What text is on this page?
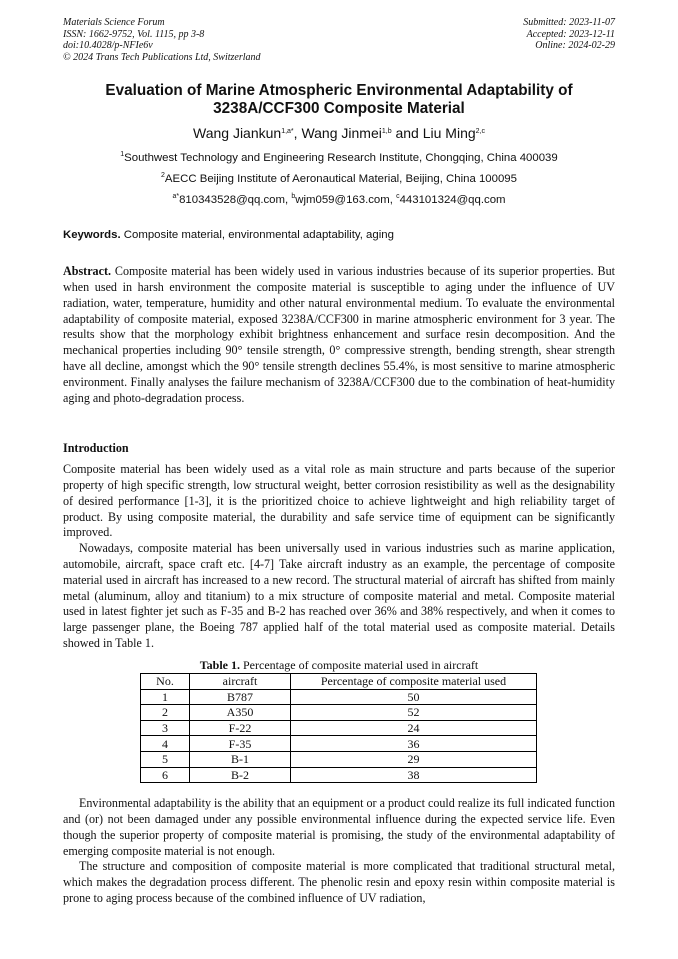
Materials Science Forum
ISSN: 1662-9752, Vol. 1115, pp 3-8
doi:10.4028/p-NFIe6v
© 2024 Trans Tech Publications Ltd, Switzerland
Submitted: 2023-11-07
Accepted: 2023-12-11
Online: 2024-02-29
Evaluation of Marine Atmospheric Environmental Adaptability of
3238A/CCF300 Composite Material
Wang Jiankun$^{1,a*}$, Wang Jinmei$^{1,b}$ and Liu Ming$^{2,c}$
$^1$Southwest Technology and Engineering Research Institute, Chongqing, China 400039
$^2$AECC Beijing Institute of Aeronautical Material, Beijing, China 100095
$^{a*}$810343528@qq.com, $^b$wjm059@163.com, $^c$443101324@qq.com
Keywords. Composite material, environmental adaptability, aging
Abstract. Composite material has been widely used in various industries because of its superior properties. But when used in harsh environment the composite material is susceptible to aging under the influence of UV radiation, water, temperature, humidity and other natural environmental medium. To evaluate the environmental adaptability of composite material, exposed 3238A/CCF300 in marine atmospheric environment for 3 year. The results show that the morphology exhibit brightness enhancement and surface resin decomposition. And the mechanical properties including 90° tensile strength, 0° compressive strength, bending strength, shear strength have all decline, amongst which the 90° tensile strength declines 55.4%, is most sensitive to marine atmospheric environment. Finally analyses the failure mechanism of 3238A/CCF300 due to the combination of heat-humidity aging and photo-degradation process.
Introduction
Composite material has been widely used as a vital role as main structure and parts because of the superior property of high specific strength, low structural weight, better corrosion resistibility as well as the designability of desired performance [1-3], it is the prioritized choice to achieve lightweight and high reliability target of product. By using composite material, the durability and safe service time of equipment can be significantly improved.
Nowadays, composite material has been universally used in various industries such as marine application, automobile, aircraft, space craft etc. [4-7] Take aircraft industry as an example, the percentage of composite material used in aircraft has increased to a new record. The structural material of aircraft has shifted from mainly metal (aluminum, alloy and titanium) to a mix structure of composite material and metal. Composite material used in latest fighter jet such as F-35 and B-2 has reached over 36% and 38% respectively, and when it comes to large passenger plane, the Boeing 787 applied half of the total material used as composite material. Details showed in Table 1.
Table 1. Percentage of composite material used in aircraft
No.	aircraft	Percentage of composite material used
1	B787	50
2	A350	52
3	F-22	24
4	F-35	36
5	B-1	29
6	B-2	38
Environmental adaptability is the ability that an equipment or a product could realize its full indicated function and (or) not been damaged under any possible environmental influence during the expected service life. Even though the superior property of composite material is promising, the study of the environmental adaptability of emerging composite material is not enough.
The structure and composition of composite material is more complicated that traditional structural metal, which makes the degradation process different. The phenolic resin and epoxy resin within composite material is prone to aging process because of the combined influence of UV radiation,
